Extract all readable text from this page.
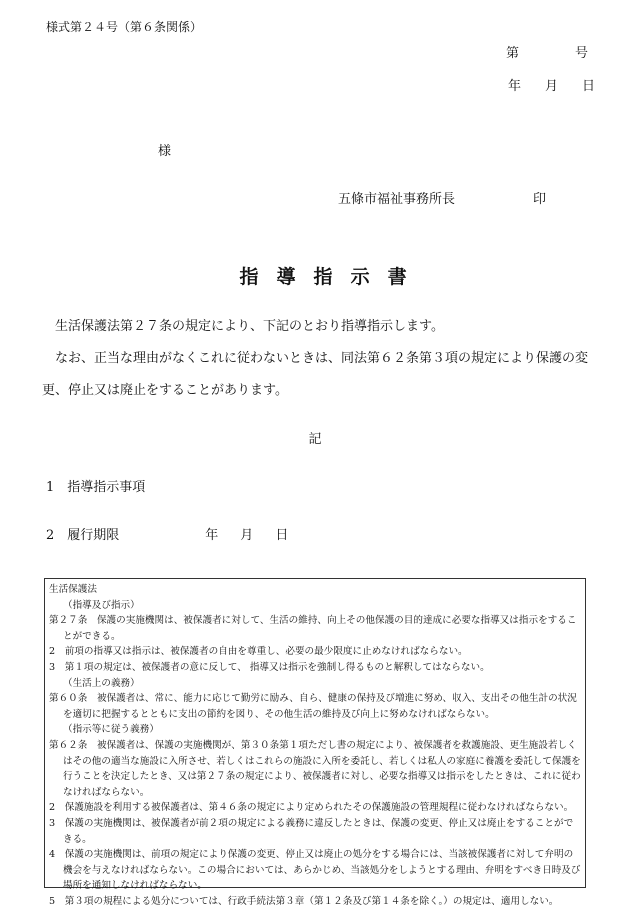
様式第２４号（第６条関係）
第	号
年 月 日
様
五條市福祉事務所長	印
指導指示書
生活保護法第２７条の規定により、下記のとおり指導指示します。
なお、正当な理由がなくこれに従わないときは、同法第６２条第３項の規定により保護の変更、停止又は廃止をすることがあります。
記
1　指導指示事項
2　履行期限	年 月 日
生活保護法
（指導及び指示）
第２７条　保護の実施機関は、被保護者に対して、生活の維持、向上その他保護の目的達成に必要な指導又は指示をすることができる。
2　前項の指導又は指示は、被保護者の自由を尊重し、必要の最少限度に止めなければならない。
3　第１項の規定は、被保護者の意に反して、 指導又は指示を強制し得るものと解釈してはならない。
（生活上の義務）
第６０条　被保護者は、常に、能力に応じて勤労に励み、自ら、健康の保持及び増進に努め、収入、支出その他生計の状況を適切に把握するとともに支出の節約を図り、その他生活の維持及び向上に努めなければならない。
（指示等に従う義務）
第６２条　被保護者は、保護の実施機関が、第３０条第１項ただし書の規定により、被保護者を救護施設、更生施設若しくはその他の適当な施設に入所させ、若しくはこれらの施設に入所を委託し、若しくは私人の家庭に養護を委託して保護を行うことを決定したとき、又は第２７条の規定により、被保護者に対し、必要な指導又は指示をしたときは、これに従わなければならない。
2　保護施設を利用する被保護者は、第４６条の規定により定められたその保護施設の管理規程に従わなければならない。
3　保護の実施機関は、被保護者が前２項の規定による義務に違反したときは、保護の変更、停止又は廃止をすることができる。
4　保護の実施機関は、前項の規定により保護の変更、停止又は廃止の処分をする場合には、当該被保護者に対して弁明の機会を与えなければならない。この場合においては、あらかじめ、当該処分をしようとする理由、弁明をすべき日時及び場所を通知しなければならない。
5　第３項の規程による処分については、行政手続法第３章（第１２条及び第１４条を除く。）の規定は、適用しない。
